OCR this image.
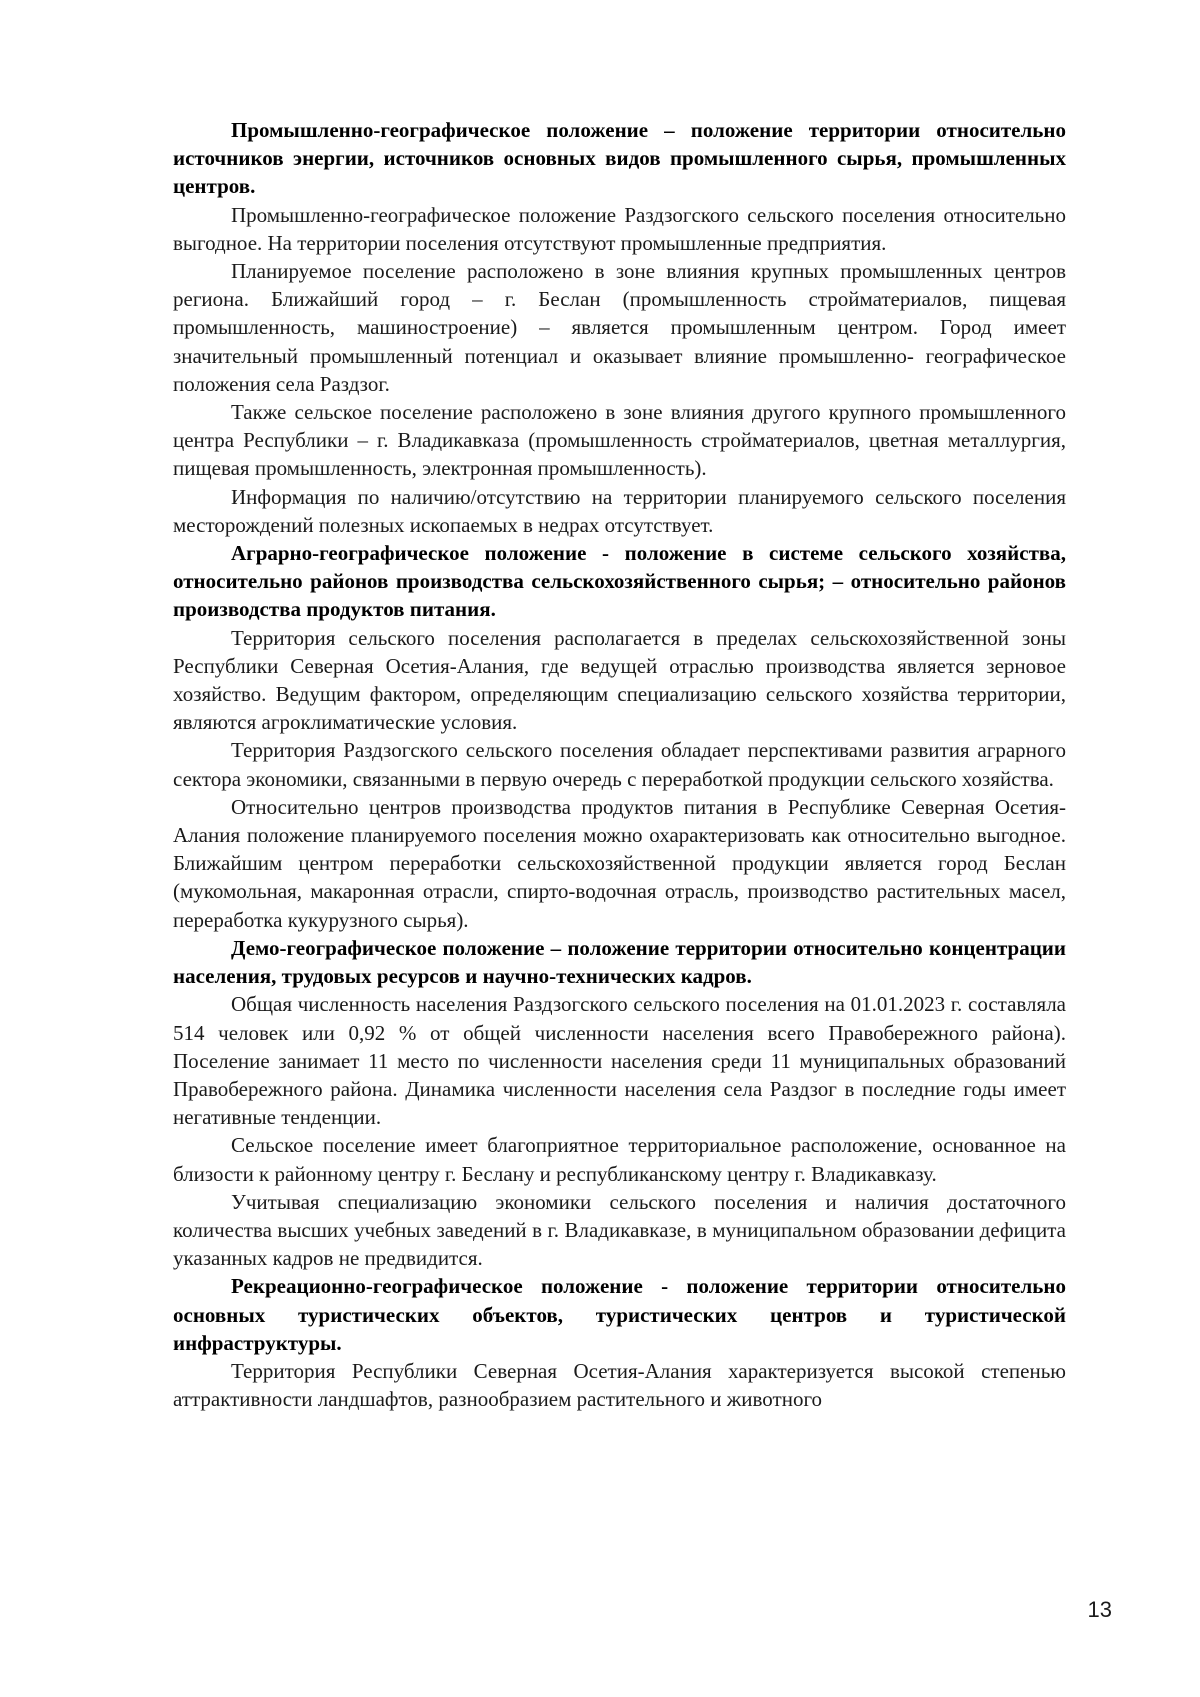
Промышленно-географическое положение – положение территории относительно источников энергии, источников основных видов промышленного сырья, промышленных центров.

Промышленно-географическое положение Раздзогского сельского поселения относительно выгодное. На территории поселения отсутствуют промышленные предприятия.

Планируемое поселение расположено в зоне влияния крупных промышленных центров региона. Ближайший город – г. Беслан (промышленность стройматериалов, пищевая промышленность, машиностроение) – является промышленным центром. Город имеет значительный промышленный потенциал и оказывает влияние промышленно- географическое положения села Раздзог.

Также сельское поселение расположено в зоне влияния другого крупного промышленного центра Республики – г. Владикавказа (промышленность стройматериалов, цветная металлургия, пищевая промышленность, электронная промышленность).

Информация по наличию/отсутствию на территории планируемого сельского поселения месторождений полезных ископаемых в недрах отсутствует.

Аграрно-географическое положение - положение в системе сельского хозяйства, относительно районов производства сельскохозяйственного сырья; – относительно районов производства продуктов питания.

Территория сельского поселения располагается в пределах сельскохозяйственной зоны Республики Северная Осетия-Алания, где ведущей отраслью производства является зерновое хозяйство. Ведущим фактором, определяющим специализацию сельского хозяйства территории, являются агроклиматические условия.

Территория Раздзогского сельского поселения обладает перспективами развития аграрного сектора экономики, связанными в первую очередь с переработкой продукции сельского хозяйства.

Относительно центров производства продуктов питания в Республике Северная Осетия-Алания положение планируемого поселения можно охарактеризовать как относительно выгодное. Ближайшим центром переработки сельскохозяйственной продукции является город Беслан (мукомольная, макаронная отрасли, спирто-водочная отрасль, производство растительных масел, переработка кукурузного сырья).

Демо-географическое положение – положение территории относительно концентрации населения, трудовых ресурсов и научно-технических кадров.

Общая численность населения Раздзогского сельского поселения на 01.01.2023 г. составляла 514 человек или 0,92 % от общей численности населения всего Правобережного района). Поселение занимает 11 место по численности населения среди 11 муниципальных образований Правобережного района. Динамика численности населения села Раздзог в последние годы имеет негативные тенденции.

Сельское поселение имеет благоприятное территориальное расположение, основанное на близости к районному центру г. Беслану и республиканскому центру г. Владикавказу.

Учитывая специализацию экономики сельского поселения и наличия достаточного количества высших учебных заведений в г. Владикавказе, в муниципальном образовании дефицита указанных кадров не предвидится.

Рекреационно-географическое положение - положение территории относительно основных туристических объектов, туристических центров и туристической инфраструктуры.

Территория Республики Северная Осетия-Алания характеризуется высокой степенью аттрактивности ландшафтов, разнообразием растительного и животного

13
